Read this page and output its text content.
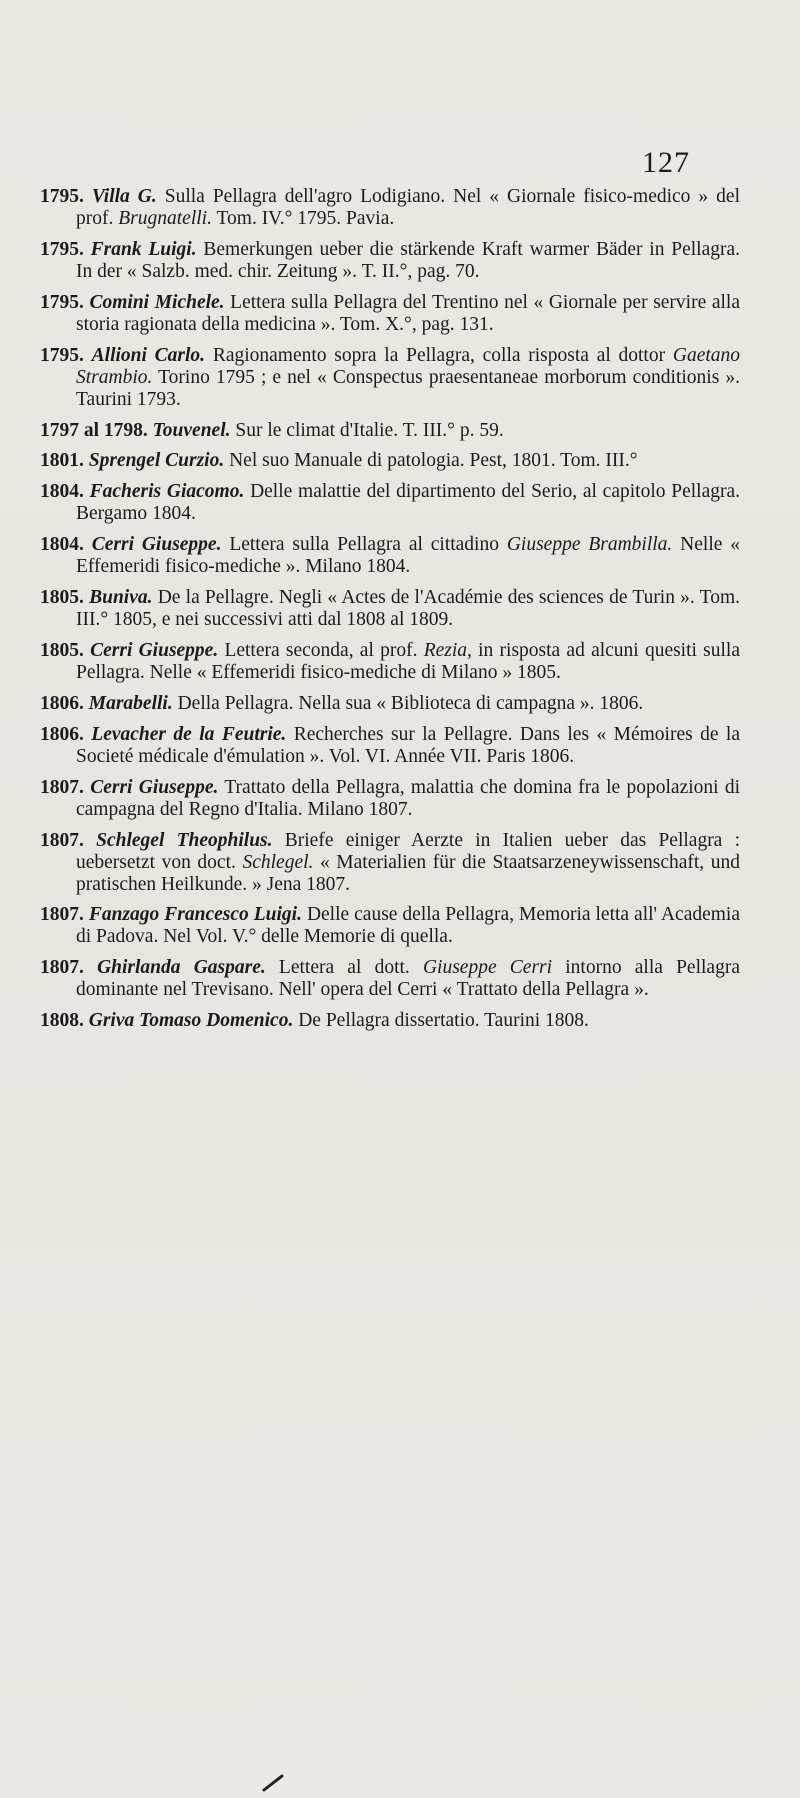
127

1795. Villa G. Sulla Pellagra dell'agro Lodigiano. Nel « Giornale fisico-medico » del prof. Brugnatelli. Tom. IV.° 1795. Pavia.

1795. Frank Luigi. Bemerkungen ueber die stärkende Kraft warmer Bäder in Pellagra. In der « Salzb. med. chir. Zeitung ». T. II.°, pag. 70.

1795. Comini Michele. Lettera sulla Pellagra del Trentino nel « Giornale per servire alla storia ragionata della medicina ». Tom. X.°, pag. 131.

1795. Allioni Carlo. Ragionamento sopra la Pellagra, colla risposta al dottor Gaetano Strambio. Torino 1795 ; e nel « Conspectus praesentaneae morborum conditionis ». Taurini 1793.

1797 al 1798. Touvenel. Sur le climat d'Italie. T. III.° p. 59.

1801. Sprengel Curzio. Nel suo Manuale di patologia. Pest, 1801. Tom. III.°

1804. Facheris Giacomo. Delle malattie del dipartimento del Serio, al capitolo Pellagra. Bergamo 1804.

1804. Cerri Giuseppe. Lettera sulla Pellagra al cittadino Giuseppe Brambilla. Nelle « Effemeridi fisico-mediche ». Milano 1804.

1805. Buniva. De la Pellagre. Negli « Actes de l'Académie des sciences de Turin ». Tom. III.° 1805, e nei successivi atti dal 1808 al 1809.

1805. Cerri Giuseppe. Lettera seconda, al prof. Rezia, in risposta ad alcuni quesiti sulla Pellagra. Nelle « Effemeridi fisico-mediche di Milano » 1805.

1806. Marabelli. Della Pellagra. Nella sua « Biblioteca di campagna ». 1806.

1806. Levacher de la Feutrie. Recherches sur la Pellagre. Dans les « Mémoires de la Societé médicale d'émulation ». Vol. VI. Année VII. Paris 1806.

1807. Cerri Giuseppe. Trattato della Pellagra, malattia che domina fra le popolazioni di campagna del Regno d'Italia. Milano 1807.

1807. Schlegel Theophilus. Briefe einiger Aerzte in Italien ueber das Pellagra : uebersetzt von doct. Schlegel. « Materialien für die Staatsarzeneywissenschaft, und pratischen Heilkunde. » Jena 1807.

1807. Fanzago Francesco Luigi. Delle cause della Pellagra, Memoria letta all' Academia di Padova. Nel Vol. V.° delle Memorie di quella.

1807. Ghirlanda Gaspare. Lettera al dott. Giuseppe Cerri intorno alla Pellagra dominante nel Trevisano. Nell' opera del Cerri « Trattato della Pellagra ».

1808. Griva Tomaso Domenico. De Pellagra dissertatio. Taurini 1808.
